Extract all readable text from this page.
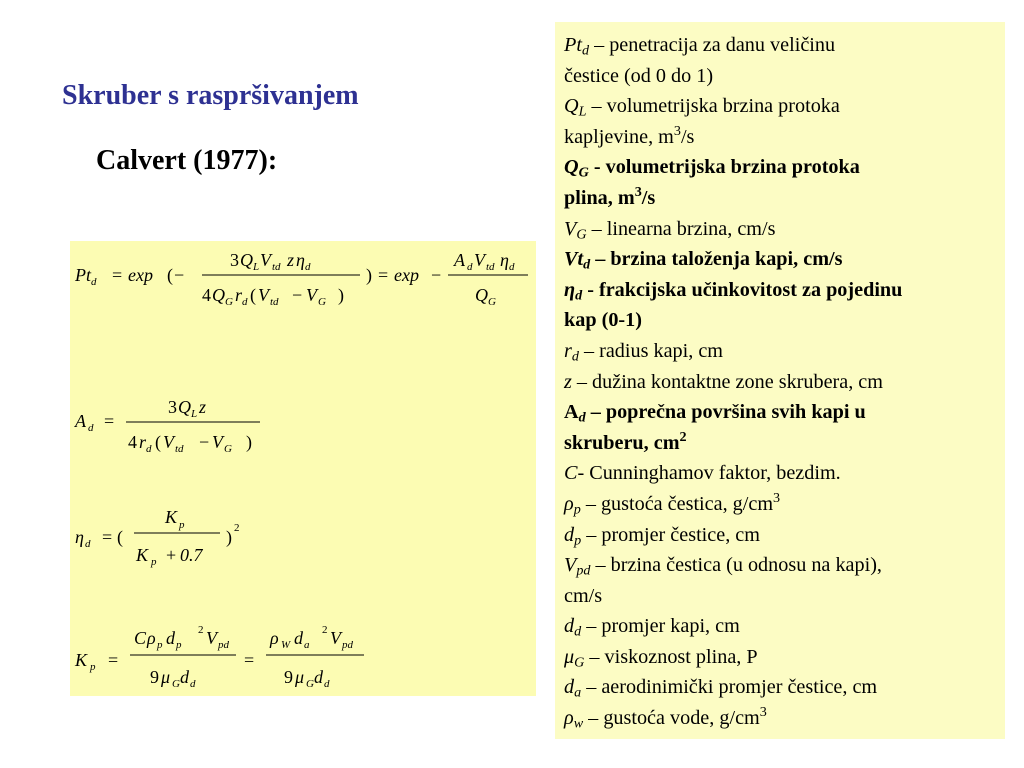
Skruber s raspršivanjem
Calvert (1977):
$Pt_d = \exp$ ( −
3 Q L V td z η d
4 Q G r d ( V td − V G )
) = exp −
A d V td η d
Q G
A d =
3 Q L z
4 r d ( V td − V G )
η d = (
K p
K p + 0.7
) 2
K p =
C ρ p d p
2 V pd
9 μ G d d
=
ρ W d a
2 V pd
9 μ G d d
$Pt_d$ – penetracija za danu veličinu
čestice (od 0 do 1)
$Q_L$ – volumetrijska brzina protoka
kapljevine, $m^3/s$
$Q_G$ - volumetrijska brzina protoka
plina, $m^3/s$
$V_G$ – linearna brzina, cm/s
$Vt_d$ – brzina taloženja kapi, cm/s
$\eta_d$ - frakcijska učinkovitost za pojedinu
kap (0-1)
$r_d$ – radius kapi, cm
z – dužina kontaktne zone skrubera, cm
$A_d$ – poprečna površina svih kapi u
skruberu, $cm^2$
C- Cunninghamov faktor, bezdim.
$\rho_p$ – gustoća čestica, $g/cm^3$
$d_p$ – promjer čestice, cm
$V_{pd}$ – brzina čestica (u odnosu na kapi),
cm/s
$d_d$ – promjer kapi, cm
$\mu_G$ – viskoznost plina, P
$d_a$ – aerodinimički promjer čestice, cm
$\rho_w$ – gustoća vode, $g/cm^3$
